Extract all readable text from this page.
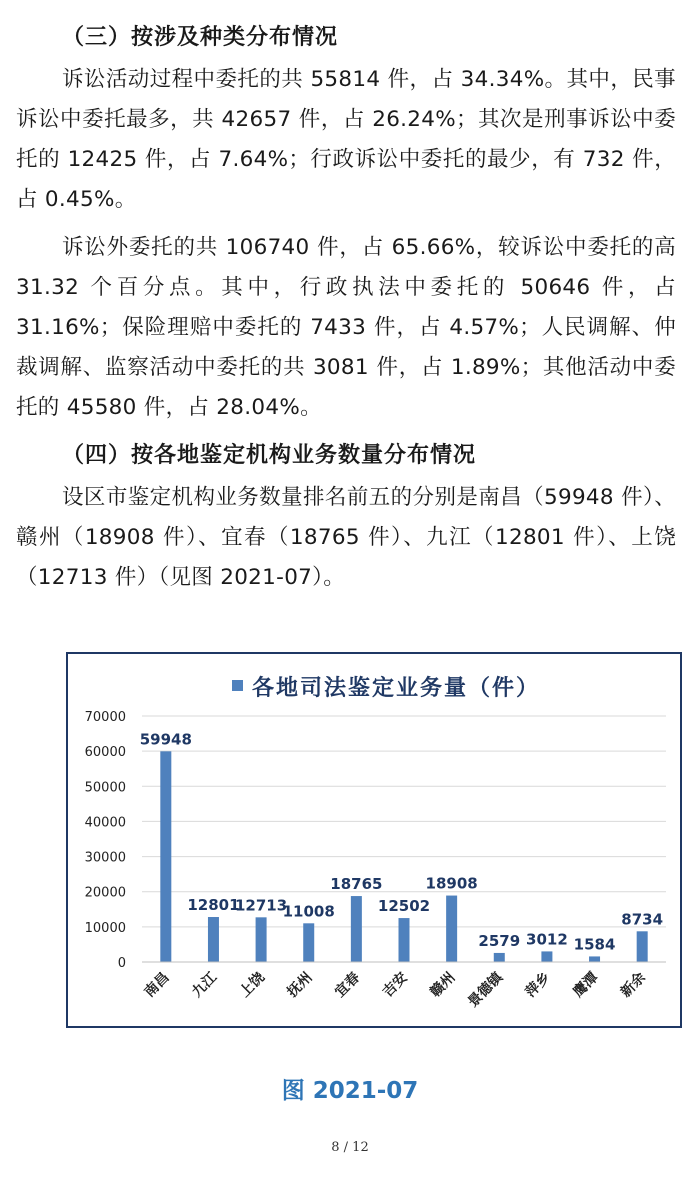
（三）按涉及种类分布情况

诉讼活动过程中委托的共 55814 件，占 34.34%。其中，民事诉讼中委托最多，共 42657 件，占 26.24%；其次是刑事诉讼中委托的 12425 件，占 7.64%；行政诉讼中委托的最少，有 732 件，占 0.45%。

诉讼外委托的共 106740 件，占 65.66%，较诉讼中委托的高 31.32 个百分点。其中，行政执法中委托的 50646 件，占 31.16%；保险理赔中委托的 7433 件，占 4.57%；人民调解、仲裁调解、监察活动中委托的共 3081 件，占 1.89%；其他活动中委托的 45580 件，占 28.04%。

（四）按各地鉴定机构业务数量分布情况

设区市鉴定机构业务数量排名前五的分别是南昌（59948 件）、赣州（18908 件）、宜春（18765 件）、九江（12801 件）、上饶（12713 件）（见图 2021-07）。

各地司法鉴定业务量（件）
0
10000
20000
30000
40000
50000
60000
70000
59948
12801
12713
11008
18765
12502
18908
2579 3012 1584
8734
南昌 九江 上饶 抚州 宜春 吉安 赣州 景德镇 萍乡 鹰潭 新余
图 2021-07
8 / 12
